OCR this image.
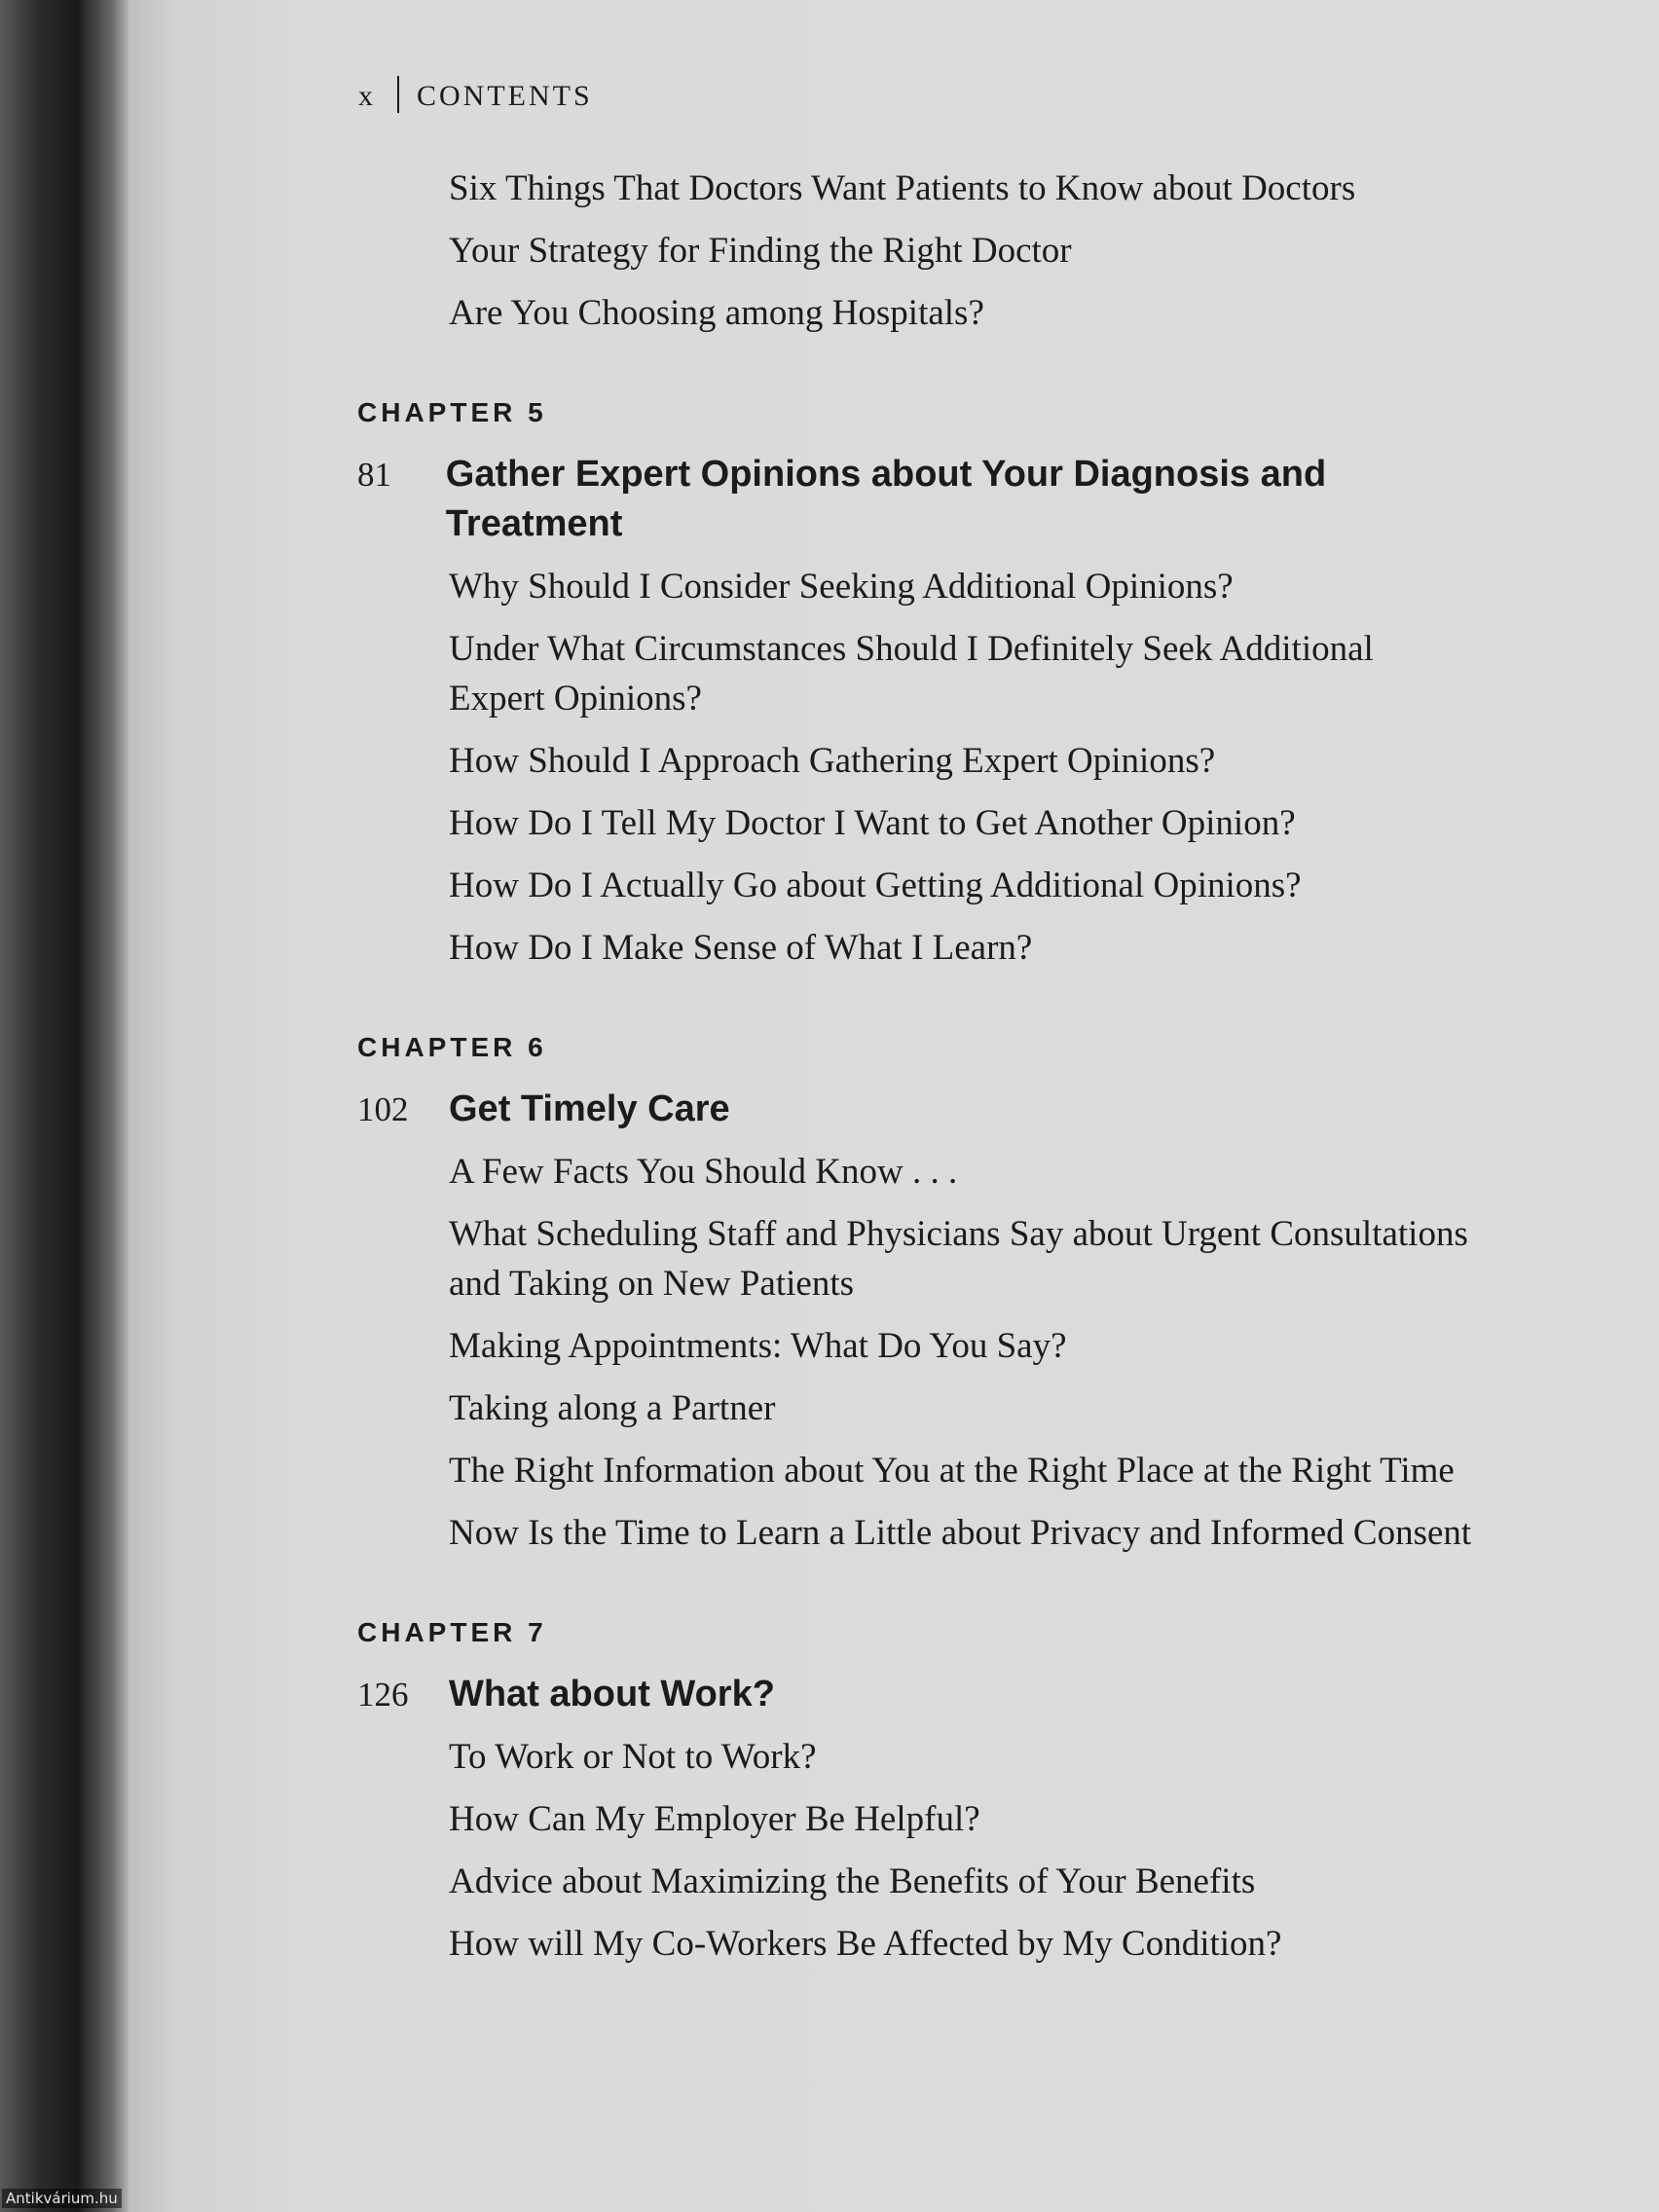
x CONTENTS
Six Things That Doctors Want Patients to Know about Doctors
Your Strategy for Finding the Right Doctor
Are You Choosing among Hospitals?
CHAPTER 5
81	Gather Expert Opinions about Your Diagnosis and Treatment
Why Should I Consider Seeking Additional Opinions?
Under What Circumstances Should I Definitely Seek Additional Expert Opinions?
How Should I Approach Gathering Expert Opinions?
How Do I Tell My Doctor I Want to Get Another Opinion?
How Do I Actually Go about Getting Additional Opinions?
How Do I Make Sense of What I Learn?
CHAPTER 6
102	Get Timely Care
A Few Facts You Should Know . . .
What Scheduling Staff and Physicians Say about Urgent Consultations and Taking on New Patients
Making Appointments: What Do You Say?
Taking along a Partner
The Right Information about You at the Right Place at the Right Time
Now Is the Time to Learn a Little about Privacy and Informed Consent
CHAPTER 7
126	What about Work?
To Work or Not to Work?
How Can My Employer Be Helpful?
Advice about Maximizing the Benefits of Your Benefits
How will My Co-Workers Be Affected by My Condition?
Antikvárium.hu
